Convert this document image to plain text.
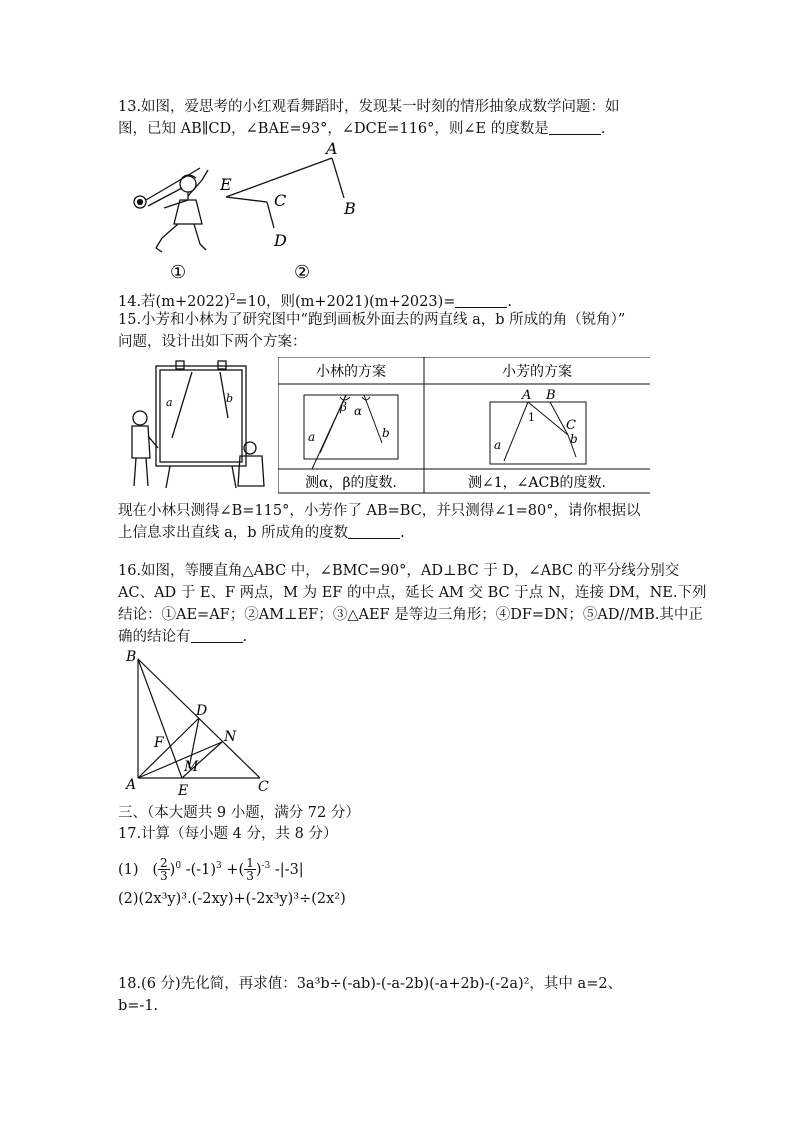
13.如图，爱思考的小红观看舞蹈时，发现某一时刻的情形抽象成数学问题：如
图，已知 AB∥CD，∠BAE=93°，∠DCE=116°，则∠E 的度数是	.
E
A
B
C
D
①	②
14.若$(m+2022)^2=10$，则(m+2021)(m+2023)=	.
15.小芳和小林为了研究图中“跑到画板外面去的两直线 a，b 所成的角（锐角）”
问题，设计出如下两个方案：
a	b
小林的方案	小芳的方案
β α
a	b
A B
1
C
a	b
测α，β的度数.	测∠1，∠ACB的度数.
现在小林只测得∠B=115°，小芳作了 AB=BC，并只测得∠1=80°，请你根据以
上信息求出直线 a，b 所成角的度数	.
16.如图，等腰直角△ABC 中，∠BMC=90°，AD⊥BC 于 D，∠ABC 的平分线分别交
AC、AD 于 E、F 两点，M 为 EF 的中点，延长 AM 交 BC 于点 N，连接 DM，NE.下列
结论：①AE=AF；②AM⊥EF；③△AEF 是等边三角形；④DF=DN；⑤AD//MB.其中正
确的结论有	.
B
D
F	N
M
A	E	C
三、（本大题共 9 小题，满分 72 分）
17.计算（每小题 4 分，共 8 分）
(1)   ( $\frac{2}{3} )^0$ $-(-1)^3$ +( $\frac{1}{3} )^{-3}$ -|-3|
(2)(2x³y)³.(-2xy)+(-2x³y)³÷(2x²)
18.(6 分)先化简，再求值：3a³b÷(-ab)-(-a-2b)(-a+2b)-(-2a)²，其中 a=2、
b=-1.
